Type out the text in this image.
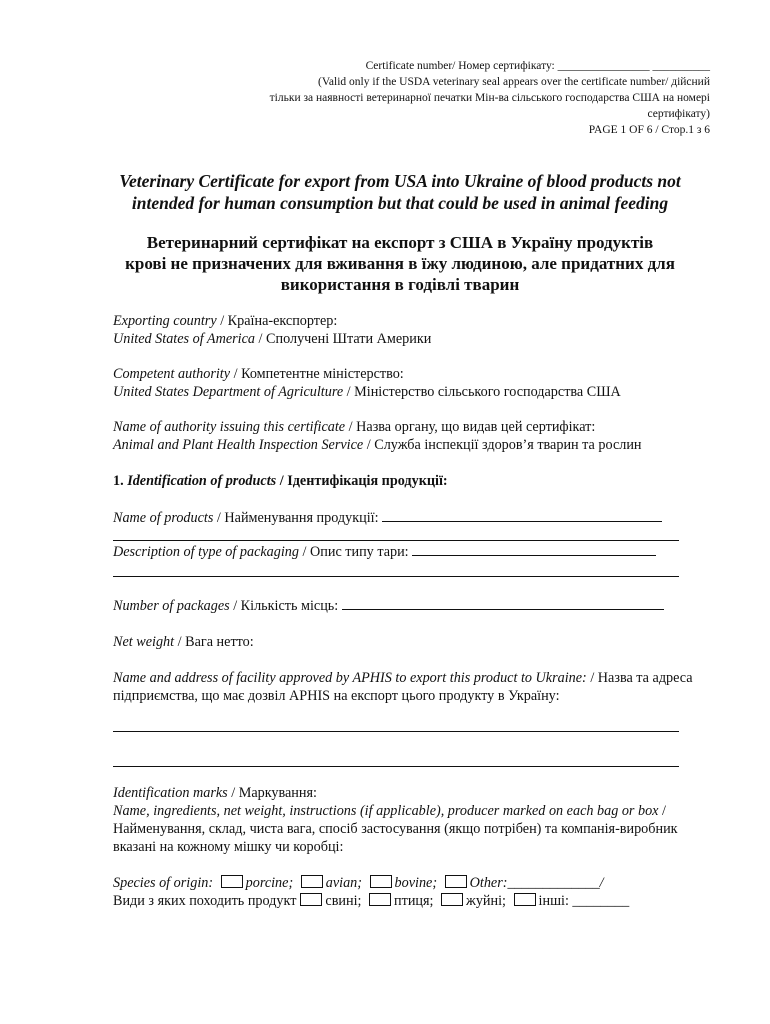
Certificate number/ Номер сертифікату: ________________ __________
(Valid only if the USDA veterinary seal appears over the certificate number/ дійсний
тільки за наявності ветеринарної печатки Мін-ва сільського господарства США на номері
сертифікату)
PAGE 1 OF 6 / Стор.1 з 6
Veterinary Certificate for export from USA into Ukraine of blood products not
intended for human consumption but that could be used in animal feeding
Ветеринарний сертифікат на експорт з США в Україну продуктів
крові не призначених для вживання в їжу людиною, але придатних для
використання в годівлі тварин

Exporting country / Країна-експортер:

United States of America / Сполучені Штати Америки

Competent authority / Компетентне міністерство:

United States Department of Agriculture / Міністерство сільського господарства США

Name of authority issuing this certificate / Назва органу, що видав цей сертифікат:

Animal and Plant Health Inspection Service / Служба інспекції здоров’я тварин та рослин

1. Identification of products / Ідентифікація продукції:

Name of products / Найменування продукції:

Description of type of packaging / Опис типу тари:

Number of packages / Кількість місць:

Net weight / Вага нетто:

Name and address of facility approved by APHIS to export this product to Ukraine: / Назва та адреса підприємства, що має дозвіл APHIS на експорт цього продукту в Україну:

Identification marks / Маркування:

Name, ingredients, net weight, instructions (if applicable), producer marked on each bag or box / Найменування, склад, чиста вага, спосіб застосування (якщо потрібен) та компанія-виробник вказані на кожному мішку чи коробці:

Species of origin: porcine; avian; bovine; Other:_____________/

Види з яких походить продукт свині; птиця; жуйні; інші: ________
